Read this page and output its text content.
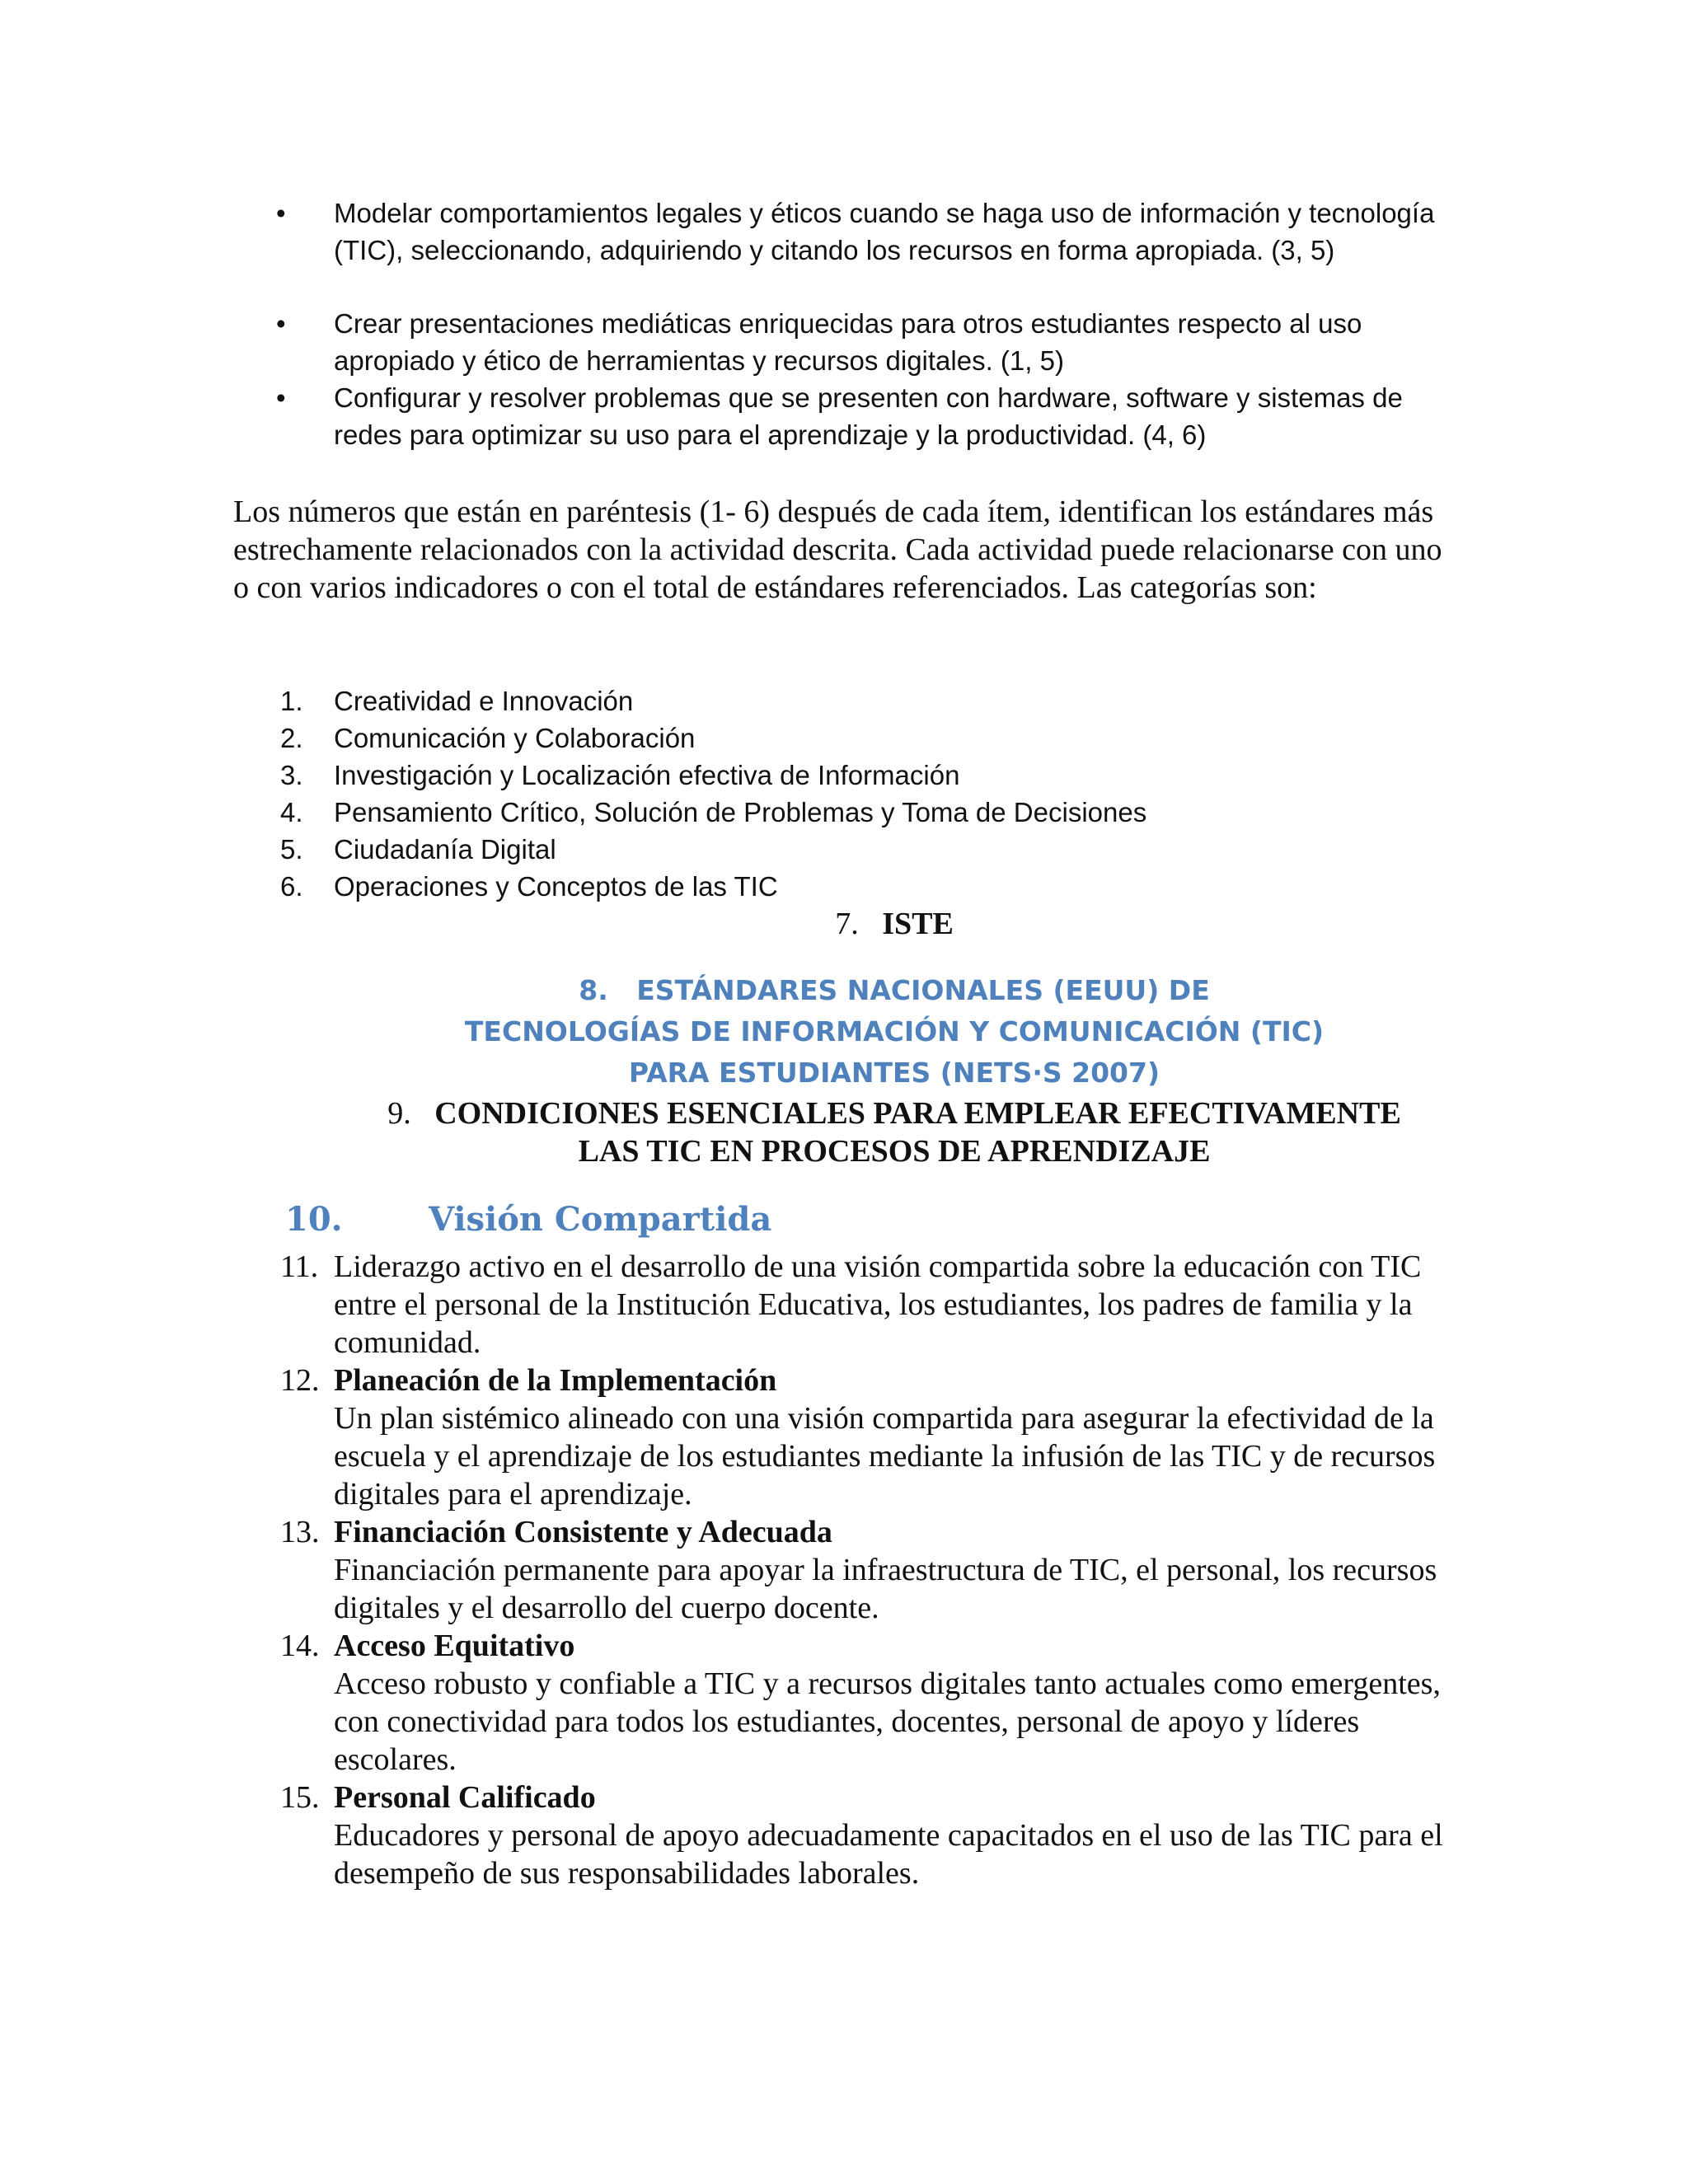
•	Modelar comportamientos legales y éticos cuando se haga uso de información y tecnología (TIC), seleccionando, adquiriendo y citando los recursos en forma apropiada. (3, 5)
•	Crear presentaciones mediáticas enriquecidas para otros estudiantes respecto al uso apropiado y ético de herramientas y recursos digitales. (1, 5)
•	Configurar y resolver problemas que se presenten con hardware, software y sistemas de redes para optimizar su uso para el aprendizaje y la productividad. (4, 6)
Los números que están en paréntesis (1- 6) después de cada ítem, identifican los estándares más estrechamente relacionados con la actividad descrita. Cada actividad puede relacionarse con uno o con varios indicadores o con el total de estándares referenciados. Las categorías son:
1. Creatividad e Innovación
2. Comunicación y Colaboración
3. Investigación y Localización efectiva de Información
4. Pensamiento Crítico, Solución de Problemas y Toma de Decisiones
5. Ciudadanía Digital
6. Operaciones y Conceptos de las TIC
7. ISTE
8. ESTÁNDARES NACIONALES (EEUU) DE
TECNOLOGÍAS DE INFORMACIÓN Y COMUNICACIÓN (TIC)
PARA ESTUDIANTES (NETS·S 2007)
9. CONDICIONES ESENCIALES PARA EMPLEAR EFECTIVAMENTE
LAS TIC EN PROCESOS DE APRENDIZAJE
10.	Visión Compartida
11. Liderazgo activo en el desarrollo de una visión compartida sobre la educación con TIC entre el personal de la Institución Educativa, los estudiantes, los padres de familia y la comunidad.
12. Planeación de la Implementación
Un plan sistémico alineado con una visión compartida para asegurar la efectividad de la escuela y el aprendizaje de los estudiantes mediante la infusión de las TIC y de recursos digitales para el aprendizaje.
13. Financiación Consistente y Adecuada
Financiación permanente para apoyar la infraestructura de TIC, el personal, los recursos digitales y el desarrollo del cuerpo docente.
14. Acceso Equitativo
Acceso robusto y confiable a TIC y a recursos digitales tanto actuales como emergentes, con conectividad para todos los estudiantes, docentes, personal de apoyo y líderes escolares.
15. Personal Calificado
Educadores y personal de apoyo adecuadamente capacitados en el uso de las TIC para el desempeño de sus responsabilidades laborales.
